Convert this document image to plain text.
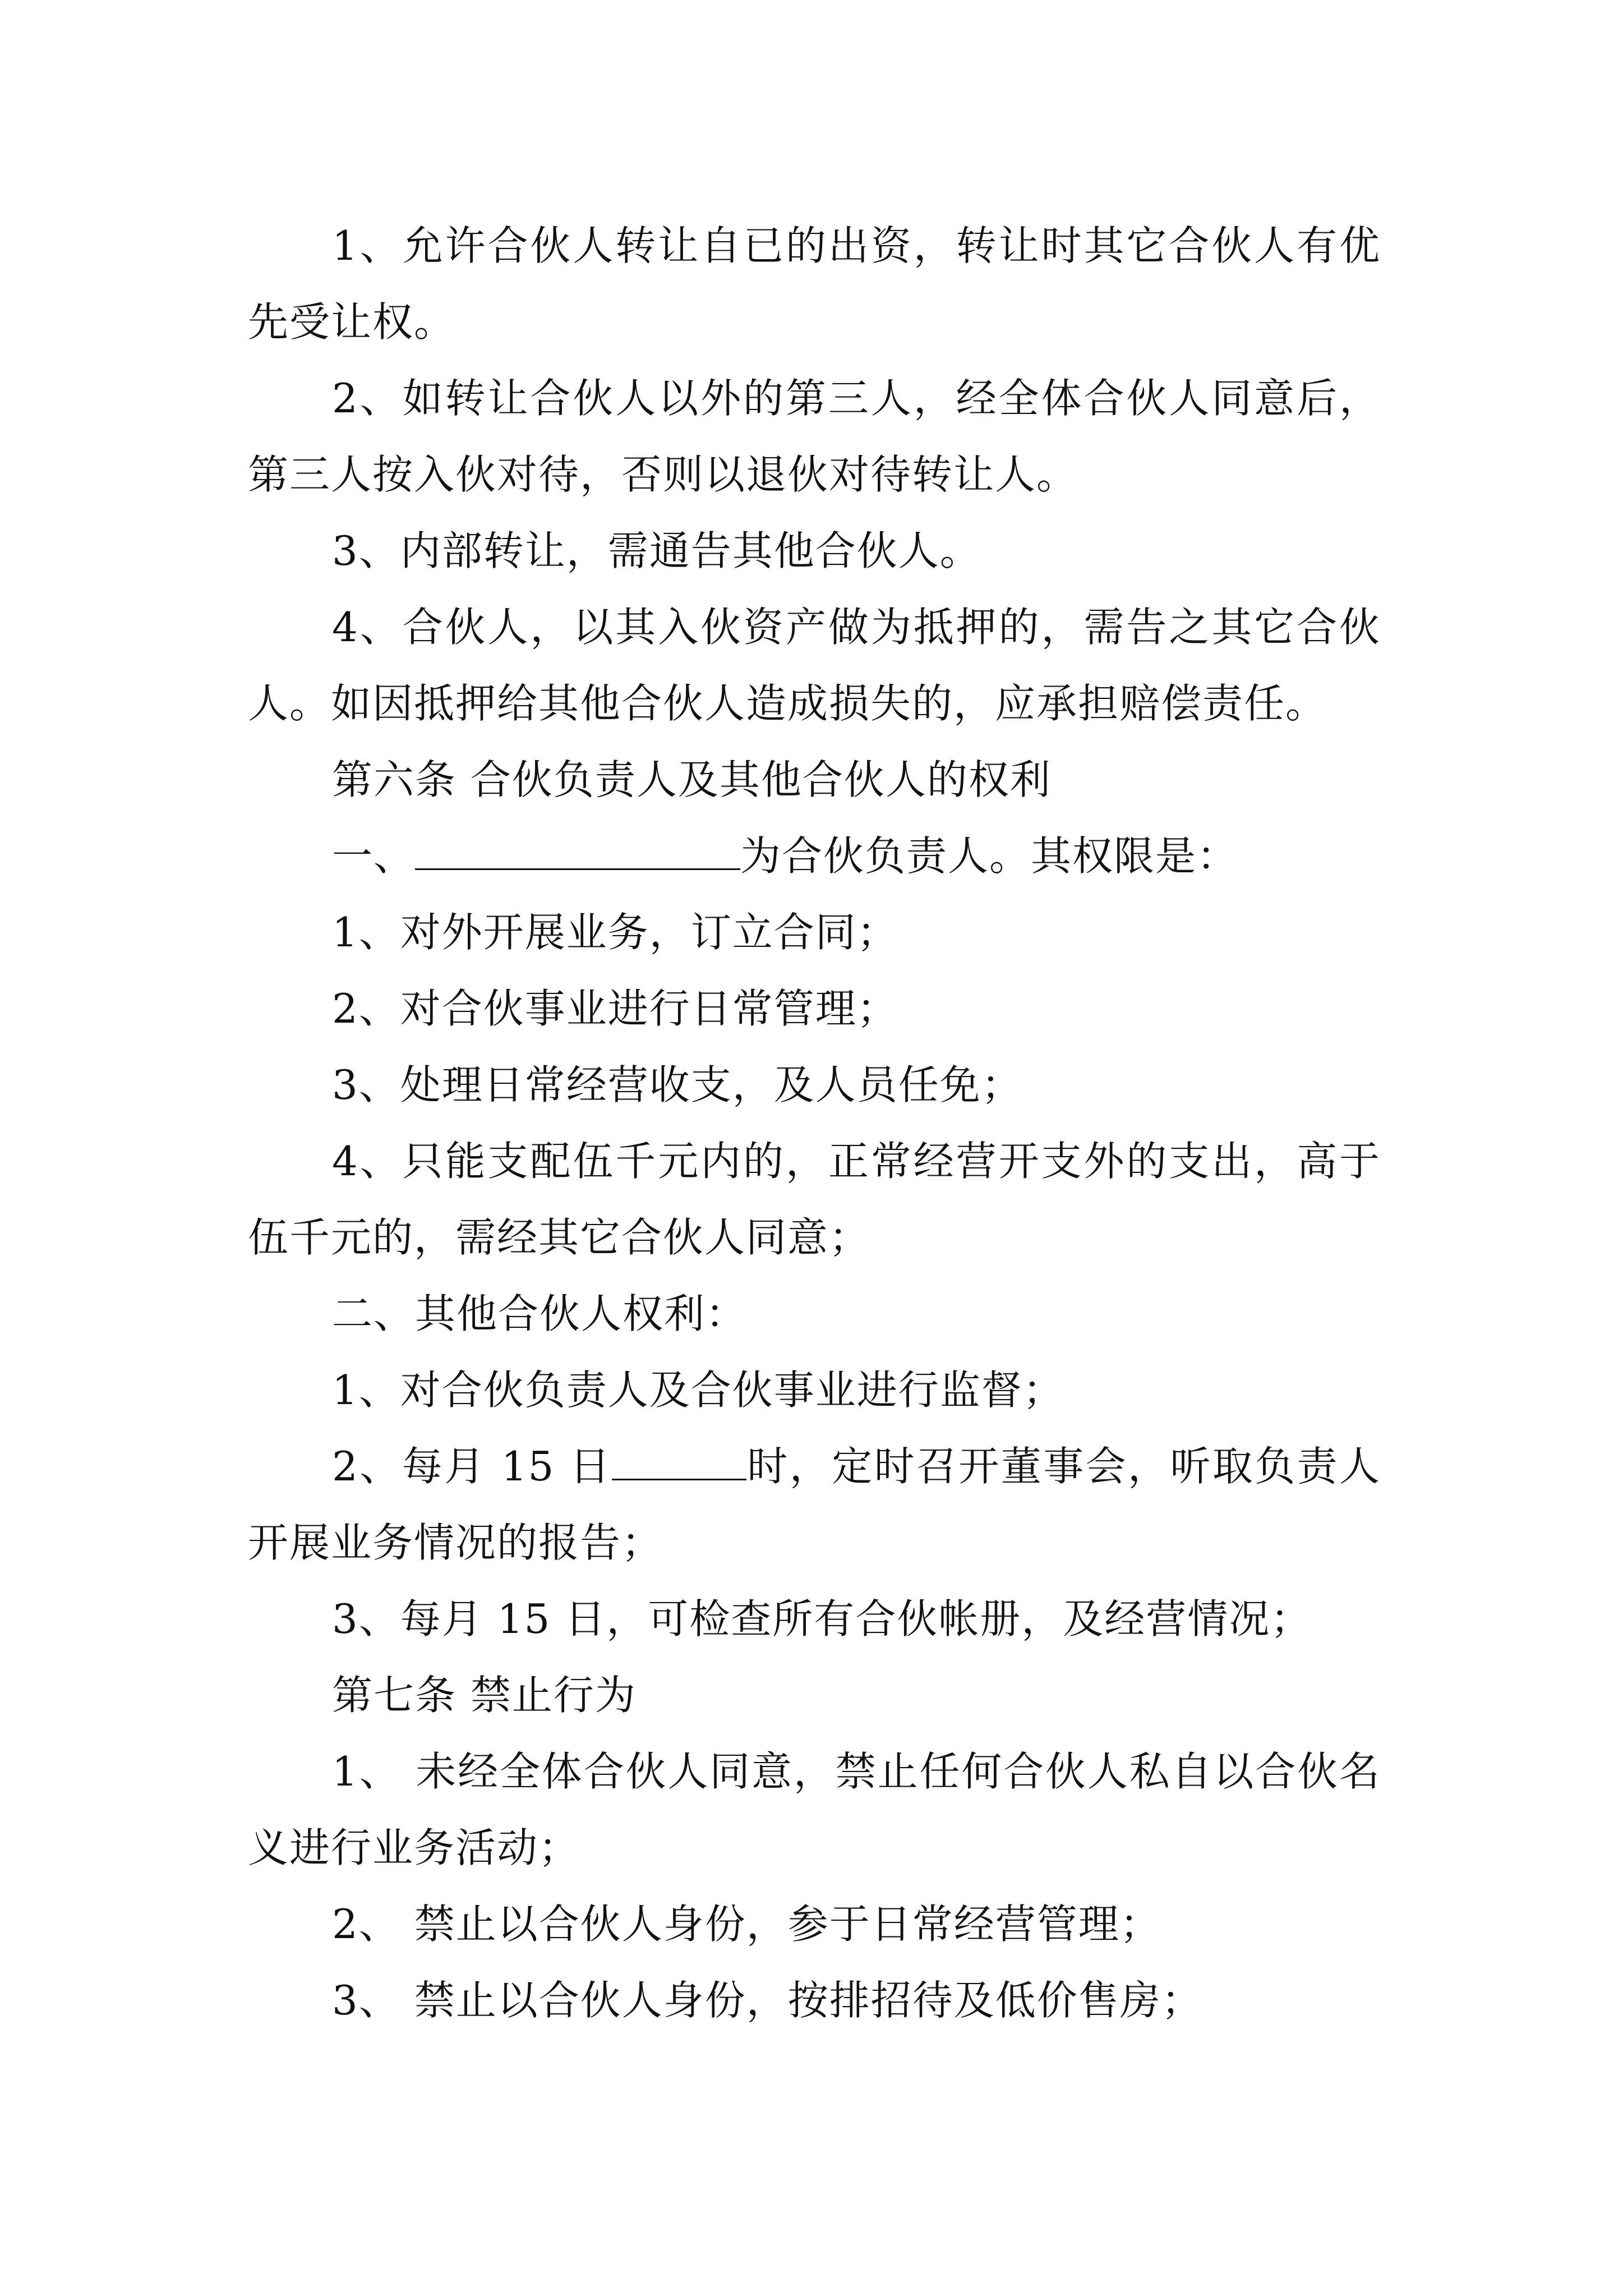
1、允许合伙人转让自已的出资，转让时其它合伙人有优先受让权。

2、如转让合伙人以外的第三人，经全体合伙人同意后，第三人按入伙对待，否则以退伙对待转让人。

3、内部转让，需通告其他合伙人。

4、合伙人，以其入伙资产做为抵押的，需告之其它合伙人。如因抵押给其他合伙人造成损失的，应承担赔偿责任。

第六条 合伙负责人及其他合伙人的权利

一、	为合伙负责人。其权限是：

1、对外开展业务，订立合同；

2、对合伙事业进行日常管理；

3、处理日常经营收支，及人员任免；

4、只能支配伍千元内的，正常经营开支外的支出，高于伍千元的，需经其它合伙人同意；

二、其他合伙人权利：

1、对合伙负责人及合伙事业进行监督；

2、每月 15 日	时，定时召开董事会，听取负责人开展业务情况的报告；

3、每月 15 日，可检查所有合伙帐册，及经营情况；

第七条 禁止行为

1、 未经全体合伙人同意，禁止任何合伙人私自以合伙名义进行业务活动；

2、 禁止以合伙人身份，参于日常经营管理；

3、 禁止以合伙人身份，按排招待及低价售房；
